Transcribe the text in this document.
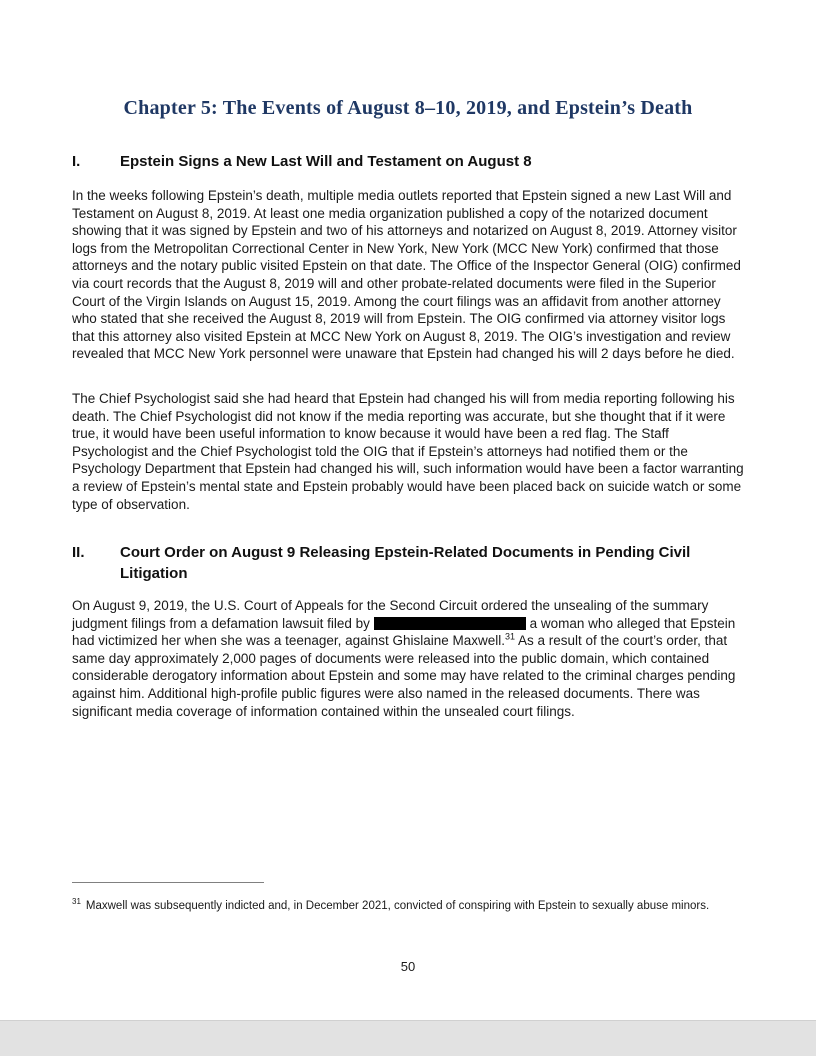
Chapter 5: The Events of August 8–10, 2019, and Epstein’s Death
I.	Epstein Signs a New Last Will and Testament on August 8

In the weeks following Epstein’s death, multiple media outlets reported that Epstein signed a new Last Will and Testament on August 8, 2019. At least one media organization published a copy of the notarized document showing that it was signed by Epstein and two of his attorneys and notarized on August 8, 2019. Attorney visitor logs from the Metropolitan Correctional Center in New York, New York (MCC New York) confirmed that those attorneys and the notary public visited Epstein on that date. The Office of the Inspector General (OIG) confirmed via court records that the August 8, 2019 will and other probate-related documents were filed in the Superior Court of the Virgin Islands on August 15, 2019. Among the court filings was an affidavit from another attorney who stated that she received the August 8, 2019 will from Epstein. The OIG confirmed via attorney visitor logs that this attorney also visited Epstein at MCC New York on August 8, 2019. The OIG’s investigation and review revealed that MCC New York personnel were unaware that Epstein had changed his will 2 days before he died.

The Chief Psychologist said she had heard that Epstein had changed his will from media reporting following his death. The Chief Psychologist did not know if the media reporting was accurate, but she thought that if it were true, it would have been useful information to know because it would have been a red flag. The Staff Psychologist and the Chief Psychologist told the OIG that if Epstein’s attorneys had notified them or the Psychology Department that Epstein had changed his will, such information would have been a factor warranting a review of Epstein’s mental state and Epstein probably would have been placed back on suicide watch or some type of observation.

II.	Court Order on August 9 Releasing Epstein-Related Documents in Pending Civil Litigation

On August 9, 2019, the U.S. Court of Appeals for the Second Circuit ordered the unsealing of the summary judgment filings from a defamation lawsuit filed by	a woman who alleged that Epstein had victimized her when she was a teenager, against Ghislaine Maxwell.$^{31}$ As a result of the court’s order, that same day approximately 2,000 pages of documents were released into the public domain, which contained considerable derogatory information about Epstein and some may have related to the criminal charges pending against him. Additional high-profile public figures were also named in the released documents. There was significant media coverage of information contained within the unsealed court filings.

$^{31}$ Maxwell was subsequently indicted and, in December 2021, convicted of conspiring with Epstein to sexually abuse minors.
50
